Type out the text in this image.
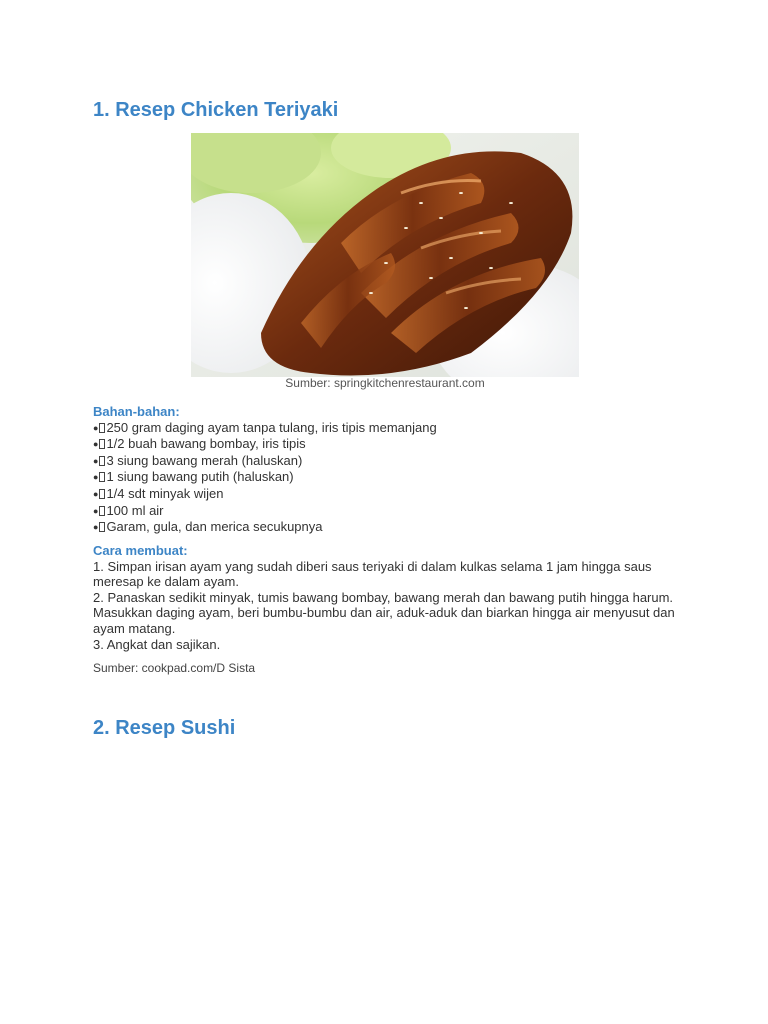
1. Resep Chicken Teriyaki
Sumber: springkitchenrestaurant.com
Bahan-bahan:
● 250 gram daging ayam tanpa tulang, iris tipis memanjang
● 1/2 buah bawang bombay, iris tipis
● 3 siung bawang merah (haluskan)
● 1 siung bawang putih (haluskan)
● 1/4 sdt minyak wijen
● 100 ml air
● Garam, gula, dan merica secukupnya
Cara membuat:

1. Simpan irisan ayam yang sudah diberi saus teriyaki di dalam kulkas selama 1 jam hingga saus meresap ke dalam ayam.

2. Panaskan sedikit minyak, tumis bawang bombay, bawang merah dan bawang putih hingga harum. Masukkan daging ayam, beri bumbu-bumbu dan air, aduk-aduk dan biarkan hingga air menyusut dan ayam matang.

3. Angkat dan sajikan.

Sumber: cookpad.com/D Sista
2. Resep Sushi
